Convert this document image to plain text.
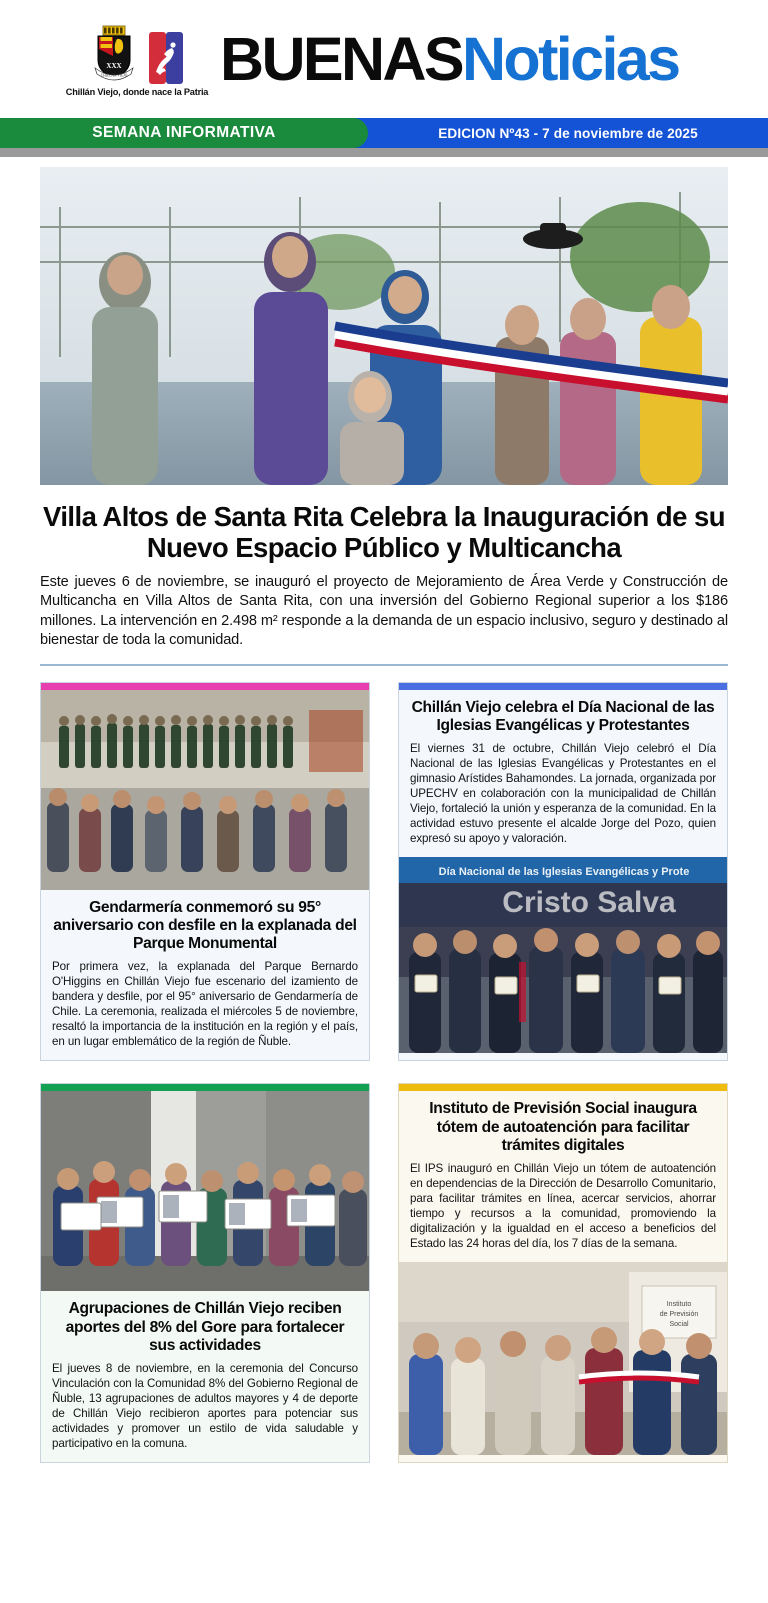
XXX
CHILLAN VIEJO
Chillán Viejo, donde nace la Patria BUENAS Noticias
SEMANA INFORMATIVA	EDICION Nº43 - 7 de noviembre de 2025
Villa Altos de Santa Rita Celebra la Inauguración de su Nuevo Espacio Público y Multicancha

Este jueves 6 de noviembre, se inauguró el proyecto de Mejoramiento de Área Verde y Construcción de Multicancha en Villa Altos de Santa Rita, con una inversión del Gobierno Regional superior a los $186 millones. La intervención en 2.498 m² responde a la demanda de un espacio inclusivo, seguro y destinado al bienestar de toda la comunidad.

Gendarmería conmemoró su 95° aniversario con desfile en la explanada del Parque Monumental

Por primera vez, la explanada del Parque Bernardo O'Higgins en Chillán Viejo fue escenario del izamiento de bandera y desfile, por el 95° aniversario de Gendarmería de Chile. La ceremonia, realizada el miércoles 5 de noviembre, resaltó la importancia de la institución en la región y el país, en un lugar emblemático de la región de Ñuble.

Chillán Viejo celebra el Día Nacional de las Iglesias Evangélicas y Protestantes

El viernes 31 de octubre, Chillán Viejo celebró el Día Nacional de las Iglesias Evangélicas y Protestantes en el gimnasio Arístides Bahamondes. La jornada, organizada por UPECHV en colaboración con la municipalidad de Chillán Viejo, fortaleció la unión y esperanza de la comunidad. En la actividad estuvo presente el alcalde Jorge del Pozo, quien expresó su apoyo y valoración.

Día Nacional de las Iglesias Evangélicas y Prote
Cristo Salva
Agrupaciones de Chillán Viejo reciben aportes del 8% del Gore para fortalecer sus actividades

El jueves 8 de noviembre, en la ceremonia del Concurso Vinculación con la Comunidad 8% del Gobierno Regional de Ñuble, 13 agrupaciones de adultos mayores y 4 de deporte de Chillán Viejo recibieron aportes para potenciar sus actividades y promover un estilo de vida saludable y participativo en la comuna.

Instituto de Previsión Social inaugura tótem de autoatención para facilitar trámites digitales

El IPS inauguró en Chillán Viejo un tótem de autoatención en dependencias de la Dirección de Desarrollo Comunitario, para facilitar trámites en línea, acercar servicios, ahorrar tiempo y recursos a la comunidad, promoviendo la digitalización y la igualdad en el acceso a beneficios del Estado las 24 horas del día, los 7 días de la semana.

Instituto
de Previsión
Social
